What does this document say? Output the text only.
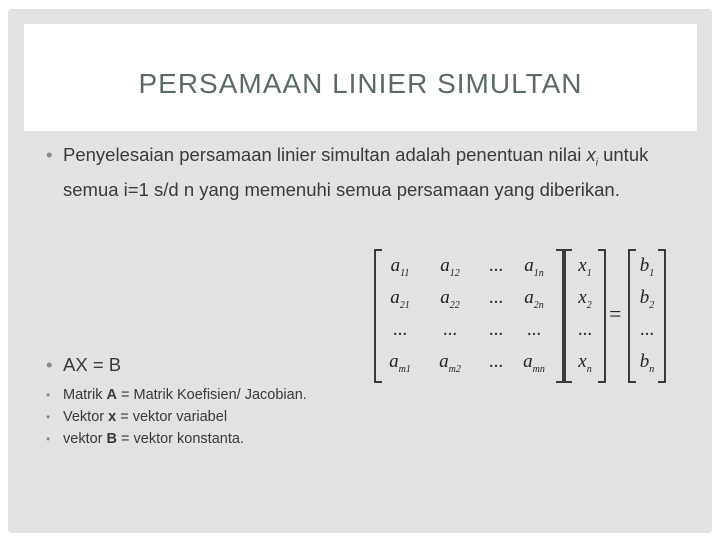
PERSAMAAN LINIER SIMULTAN
• Penyelesaian persamaan linier simultan adalah penentuan nilai $x_i$ untuk semua i=1 s/d n yang memenuhi semua persamaan yang diberikan.
• AX = B
• Matrik A = Matrik Koefisien/ Jacobian.
• Vektor x = vektor variabel
• vektor B = vektor konstanta.
=
$a_{11}$ $a_{12}$ ... $a_{1n}$
$a_{21}$ $a_{22}$ ... $a_{2n}$
... ... ... ...
$a_{m1}$ $a_{m2}$ ... $a_{mn}$
$x_1$
$x_2$
...
$x_n$
$b_1$
$b_2$
...
$b_n$
